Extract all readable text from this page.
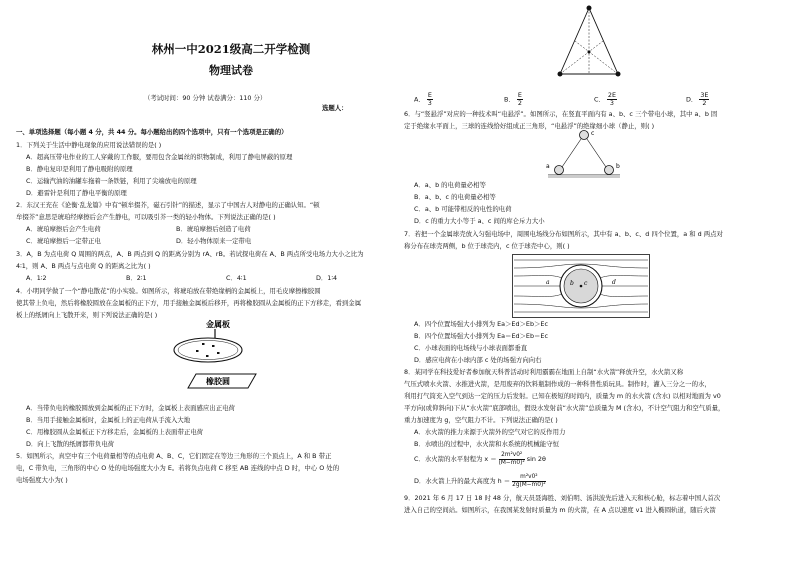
林州一中2021级高二开学检测
物理试卷
（考试时间：90 分钟 试卷满分：110 分）
选题人：
一、单项选择题（每小题 4 分，共 44 分。每小题给出的四个选项中，只有一个选项是正确的）
1．下列关于生活中静电现象的应用说法错误的是( )
A．超高压带电作业的工人穿戴的工作服，要用包含金属丝的织物制成，利用了静电屏蔽的原理
B．静电复印是利用了静电吸附的原理
C．运输汽油的油罐车拖着一条铁链，利用了尖端放电的原理
D．避雷针是利用了静电平衡的原理
2．东汉王充在《论衡·乱龙篇》中有“顿牟掇芥，磁石引针”的描述，显示了中国古人对静电的正确认知。“顿
牟掇芥”意思是琥珀经摩擦后会产生静电，可以吸引芥一类的轻小物体。下列说法正确的是( )
A．琥珀摩擦后会产生电荷	B．琥珀摩擦后创造了电荷
C．琥珀摩擦后一定带正电	D．轻小物体原来一定带电
3．A，B 为点电荷 Q 周围的两点，A、B 两点到 Q 的距离分别为 rA、rB。若试探电荷在 A、B 两点所受电场力大小之比为
4∶1，则 A、B 两点与点电荷 Q 的距离之比为( )
A．1∶2	B．2∶1	C．4∶1	D．1∶4
4．小明同学做了一个“静电散花”的小实验。如图所示，将琥珀放在带绝缘柄的金属板上，用毛皮摩擦橡胶圆
使其带上负电，然后将橡胶圆放在金属板的正下方，用手接触金属板后移开，再将橡胶圆从金属板的正下方移走，看到金属
板上的纸屑向上飞散开来，则下列说法正确的是( )
金属板
橡胶圆
A．当带负电的橡胶圆放到金属板的正下方时，金属板上表面感应出正电荷
B．当用手接触金属板时，金属板上的正电荷从手流入大地
C．用橡胶圆从金属板正下方移走后，金属板的上表面带正电荷
D．向上飞散的纸屑都带负电荷
5．如图所示，真空中有三个电荷量相等的点电荷 A、B、C，它们固定在等边三角形的三个顶点上，A 和 B 带正
电，C 带负电，三角形的中心 O 处的电场强度大小为 E。若将负点电荷 C 移至 AB 连线的中点 D 时，中心 O 处的
电场强度大小为( )
A． $\frac{E}{3}$	B． $\frac{E}{2}$	C． $\frac{2E}{3}$	D． $\frac{3E}{2}$
6．与“竖悬浮”对应的一种技术叫“电悬浮”。如图所示，在竖直平面内有 a、b、c 三个带电小球，其中 a、b 固
定于绝缘水平面上，三球的连线恰好组成正三角形，“电悬浮”的绝缘细小球（静止，则( )
c
a	b
A．a、b 的电荷量必相等
B．a、b、c 的电荷量必相等
C．a、b 可能带相反的电性的电荷
D．c 的重力大小等于 a、c 间的库仑斥力大小
7．若把一个金属球壳放入匀强电场中，周围电场线分布如图所示，其中有 a、b、c、d 四个位置，a 和 d 两点对
称分布在球壳两侧，b 位于球壳内，c 位于球壳中心，则( )
a	b c	d
A．四个位置场强大小排列为 Ea＞Ed＞Eb＞Ec
B．四个位置场强大小排列为 Ea＝Ed＞Eb＝Ec
C．小球表面的电场线与小球表面都垂直
D．感应电荷在小球内部 c 处的场强方向向右
8．某同学在科技爱好者参加航天科普活动时利用霸霸在地面上自制“水火箭”释放升空，水火箭又称
气压式喷水火箭、水推进火箭，是用废弃的饮料瓶制作成的一种科普性质玩具。制作时，灌入三分之一的水，
利用打气筒充入空气到达一定的压力后发射。已知在极短的时间内，质量为 m 的水火箭 (含水) 以相对地面为 v0
平方向(或仰斜向)下从“水火箭”底部喷出，假设水发射前“水火箭”总质量为 M (含水)，不计空气阻力和空气质量，
重力加速度为 g，空气阻力不计。下列说法正确的是( )
A．水火箭的推力来源于火箭外的空气对它的反作用力
B．水喷出的过程中，水火箭和水系统的机械能守恒
C．水火箭的水平射程为 $x = \frac{\text{2m²v0²}}{\text{(M−m0)²}}$ sin 2θ
D．水火箭上升的最大高度为 $h = \frac{\text{m²v0²}}{\text{2g(M−m0)²}}$
9．2021 年 6 月 17 日 18 时 48 分，航天员聂海胜、刘伯明、汤洪波先后进入天和核心舱，标志着中国人首次
进入自己的空间站。如图所示，在我国某发射时质量为 m 的火箭，在 A 点以速度 v1 进入椭圆轨道，随后火箭
